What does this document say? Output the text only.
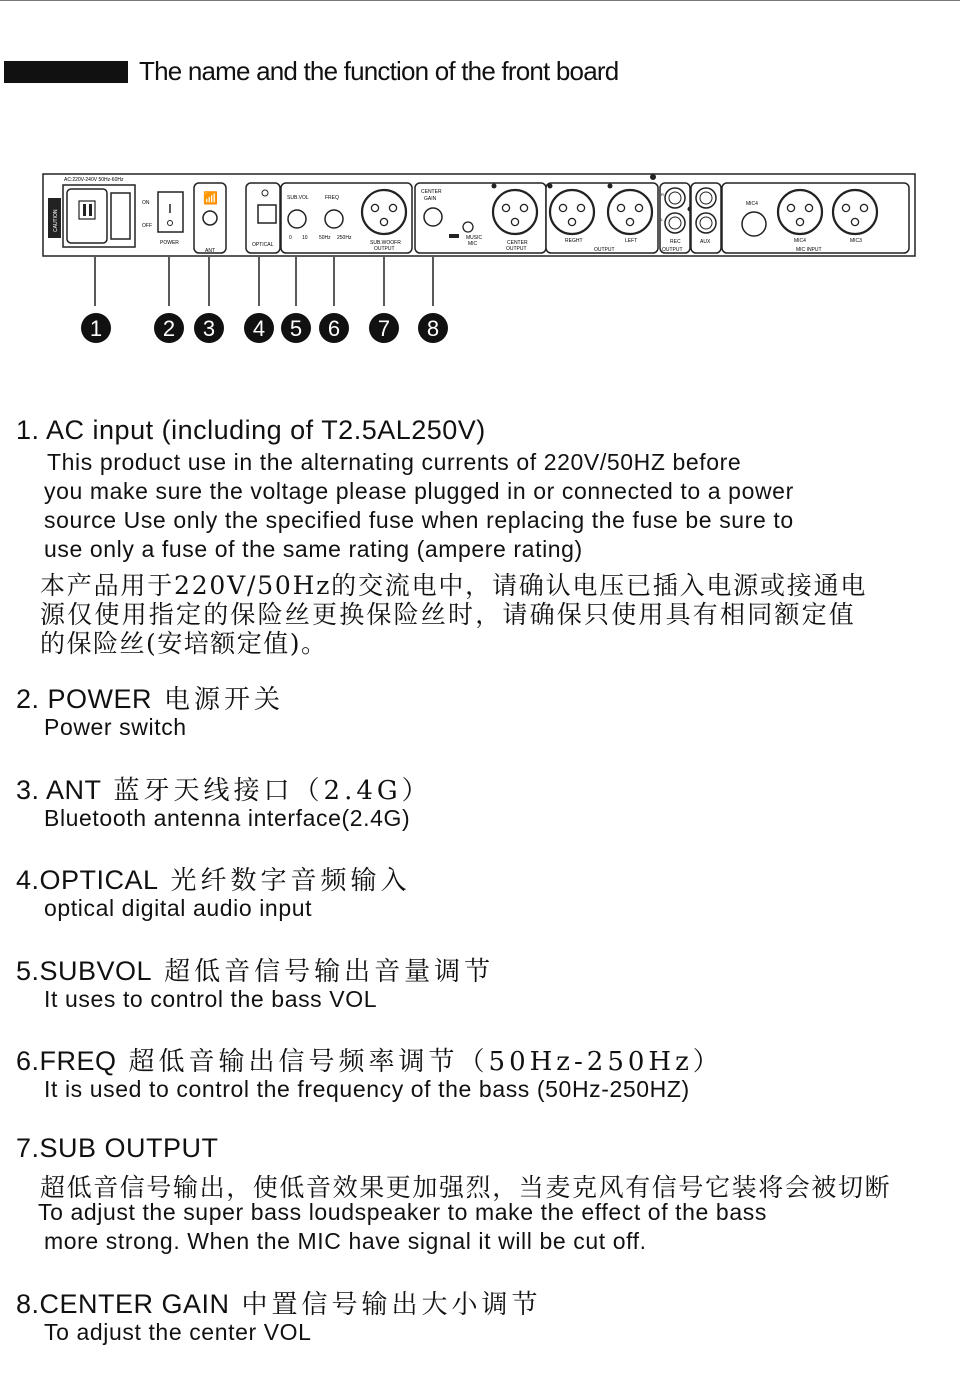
The name and the function of the front board
AC:220V-240V 50Hz-60Hz
CAUTION
ON
OFF
POWER
📶
ANT
OPTICAL
SUB.VOL
0 10
FREQ
50Hz 250Hz
SUB.WOOFR
OUTPUT
CENTER
GAIN
MUSIC
MIC	CENTER
OUTPUT
REGHT	LEFT
OUTPUT
R
L
REC
OUTPUT
AUX
MIC4
MIC4	MIC3
MIC INPUT
1	2 3 4 5 6 7 8
1. AC input (including of T2.5AL250V)
This product use in the alternating currents of 220V/50HZ before
you make sure the voltage please plugged in or connected to a power
source Use only the specified fuse when replacing the fuse be sure to
use only a fuse of the same rating (ampere rating)
本产品用于220V/50Hz的交流电中，请确认电压已插入电源或接通电
源仅使用指定的保险丝更换保险丝时，请确保只使用具有相同额定值
的保险丝(安培额定值)。
2. POWER 电源开关
Power switch
3. ANT 蓝牙天线接口（2.4G）
Bluetooth antenna interface(2.4G)
4.OPTICAL 光纤数字音频输入
optical digital audio input
5.SUBVOL 超低音信号输出音量调节
It uses to control the bass VOL
6.FREQ 超低音输出信号频率调节（50Hz-250Hz）
It is used to control the frequency of the bass (50Hz-250HZ)
7.SUB OUTPUT
超低音信号输出，使低音效果更加强烈，当麦克风有信号它装将会被切断
To adjust the super bass loudspeaker to make the effect of the bass
more strong. When the MIC have signal it will be cut off.
8.CENTER GAIN 中置信号输出大小调节
To adjust the center VOL
